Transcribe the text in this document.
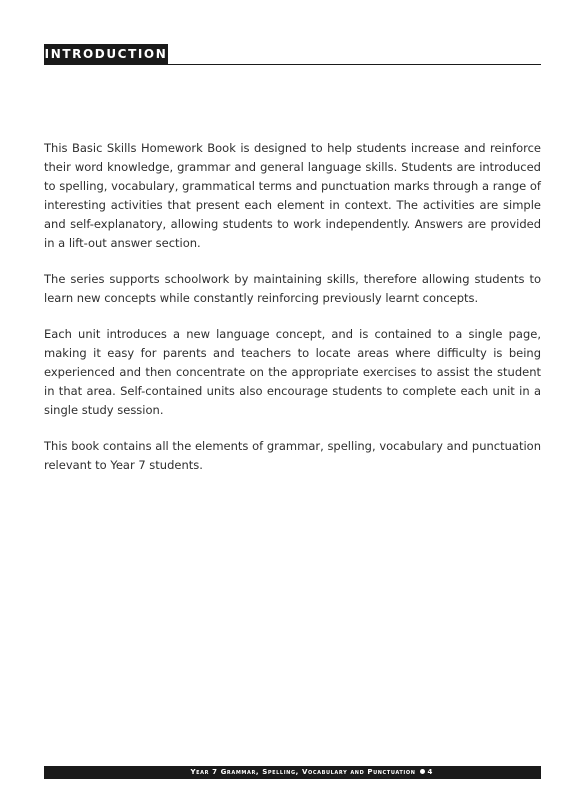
INTRODUCTION

This Basic Skills Homework Book is designed to help students increase and reinforce their word knowledge, grammar and general language skills. Students are introduced to spelling, vocabulary, grammatical terms and punctuation marks through a range of interesting activities that present each element in context. The activities are simple and self-explanatory, allowing students to work independently. Answers are provided in a lift-out answer section.

The series supports schoolwork by maintaining skills, therefore allowing students to learn new concepts while constantly reinforcing previously learnt concepts.

Each unit introduces a new language concept, and is contained to a single page, making it easy for parents and teachers to locate areas where difficulty is being experienced and then concentrate on the appropriate exercises to assist the student in that area. Self-contained units also encourage students to complete each unit in a single study session.

This book contains all the elements of grammar, spelling, vocabulary and punctuation relevant to Year 7 students.

Year 7 Grammar, Spelling, Vocabulary and Punctuation 4
